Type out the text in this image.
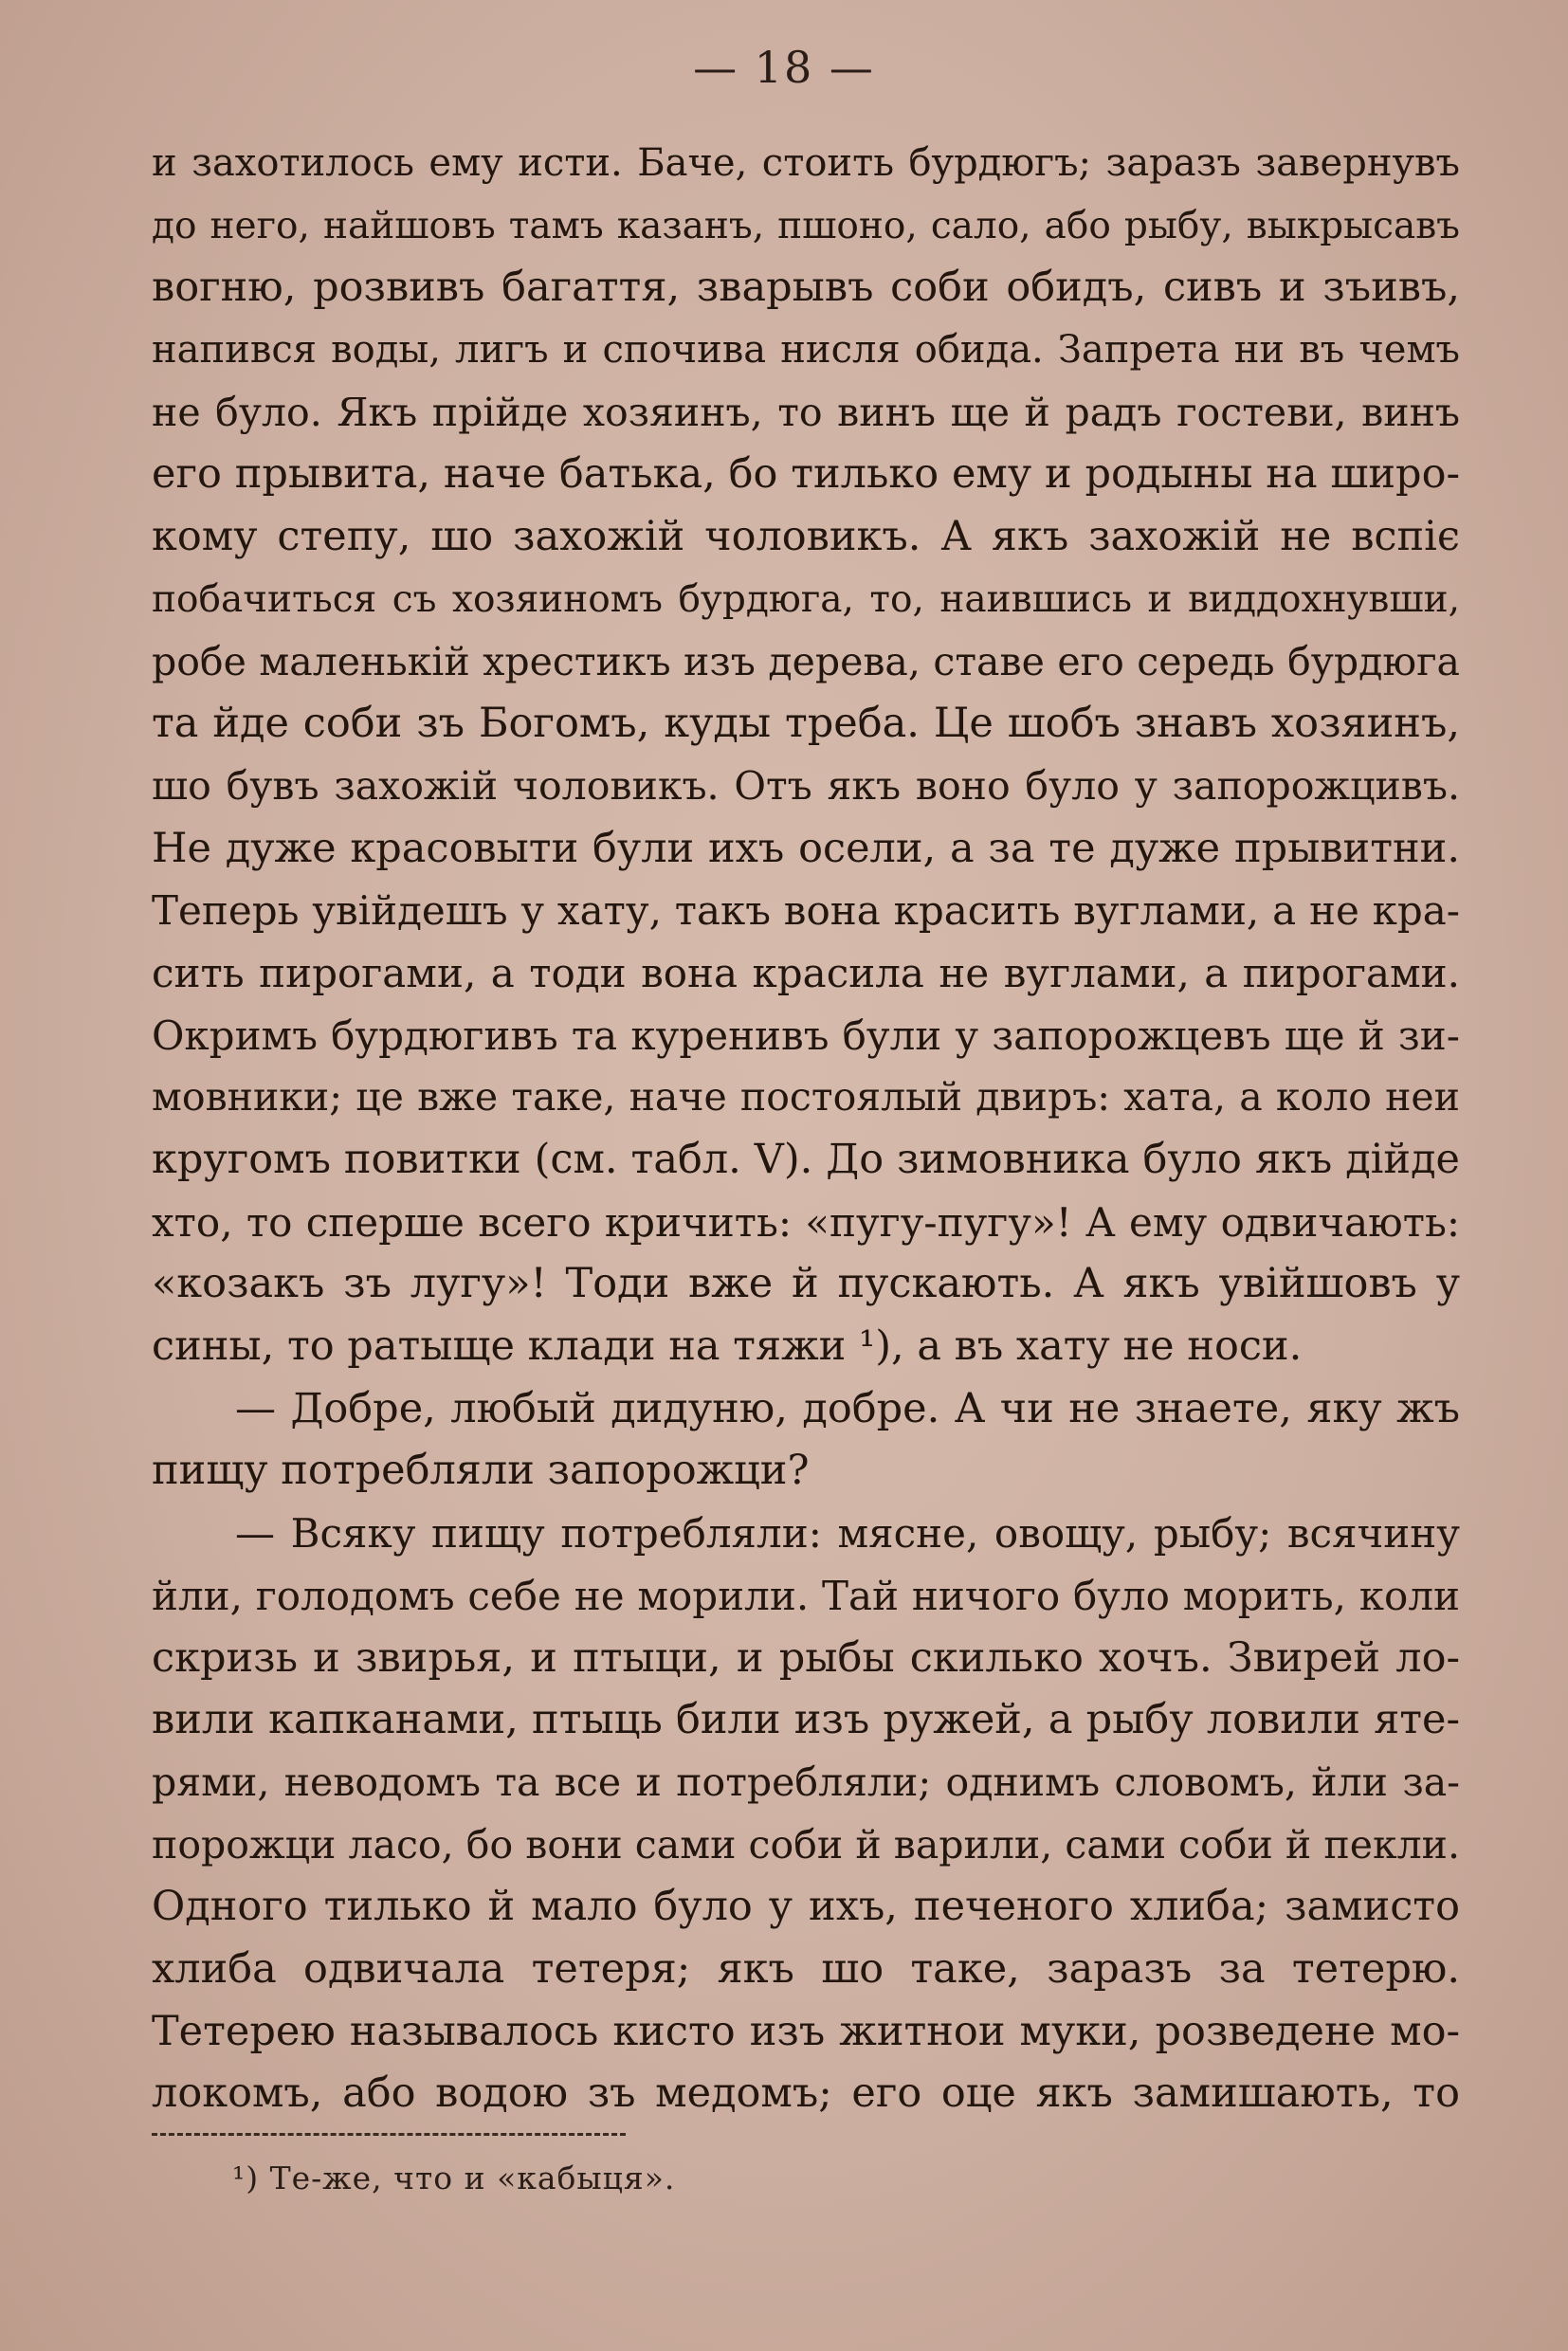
— 18 —
и захотилось ему исти. Баче, стоить бурдюгъ; заразъ завернувъ
до него, найшовъ тамъ казанъ, пшоно, сало, або рыбу, выкрысавъ
вогню, розвивъ багаття, зварывъ соби обидъ, сивъ и зъивъ,
напився воды, лигъ и спочива нисля обида. Запрета ни въ чемъ
не було. Якъ прійде хозяинъ, то винъ ще й радъ гостеви, винъ
его прывита, наче батька, бо тилько ему и родыны на широ-
кому степу, шо захожій чоловикъ. А якъ захожій не вспіє
побачиться съ хозяиномъ бурдюга, то, наившись и виддохнувши,
робе маленькій хрестикъ изъ дерева, ставе его середь бурдюга
та йде соби зъ Богомъ, куды треба. Це шобъ знавъ хозяинъ,
шо бувъ захожій чоловикъ. Отъ якъ воно було у запорожцивъ.
Не дуже красовыти були ихъ осели, а за те дуже прывитни.
Теперь увійдешъ у хату, такъ вона красить вуглами, а не кра-
сить пирогами, а тоди вона красила не вуглами, а пирогами.
Окримъ бурдюгивъ та куренивъ були у запорожцевъ ще й зи-
мовники; це вже таке, наче постоялый двиръ: хата, а коло неи
кругомъ повитки (см. табл. V). До зимовника було якъ дійде
хто, то сперше всего кричить: «пугу-пугу»! А ему одвичають:
«козакъ зъ лугу»! Тоди вже й пускають. А якъ увійшовъ у
сины, то ратыще клади на тяжи ¹), а въ хату не носи.
— Добре, любый дидуню, добре. А чи не знаете, яку жъ
пищу потребляли запорожци?
— Всяку пищу потребляли: мясне, овощу, рыбу; всячину
йли, голодомъ себе не морили. Тай ничого було морить, коли
скризь и звирья, и птыци, и рыбы скилько хочъ. Звирей ло-
вили капканами, птыць били изъ ружей, а рыбу ловили ятe-
рями, неводомъ та все и потребляли; однимъ словомъ, йли за-
порожци ласо, бо вони сами соби й варили, сами соби й пекли.
Одного тилько й мало було у ихъ, печеного хлиба; замисто
хлиба одвичала тетеря; якъ шо таке, заразъ за тетерю.
Тетерею называлось кисто изъ житнои муки, розведене мо-
локомъ, або водою зъ медомъ; его оце якъ замишають, то
¹) Те-же, что и «кабыця».
